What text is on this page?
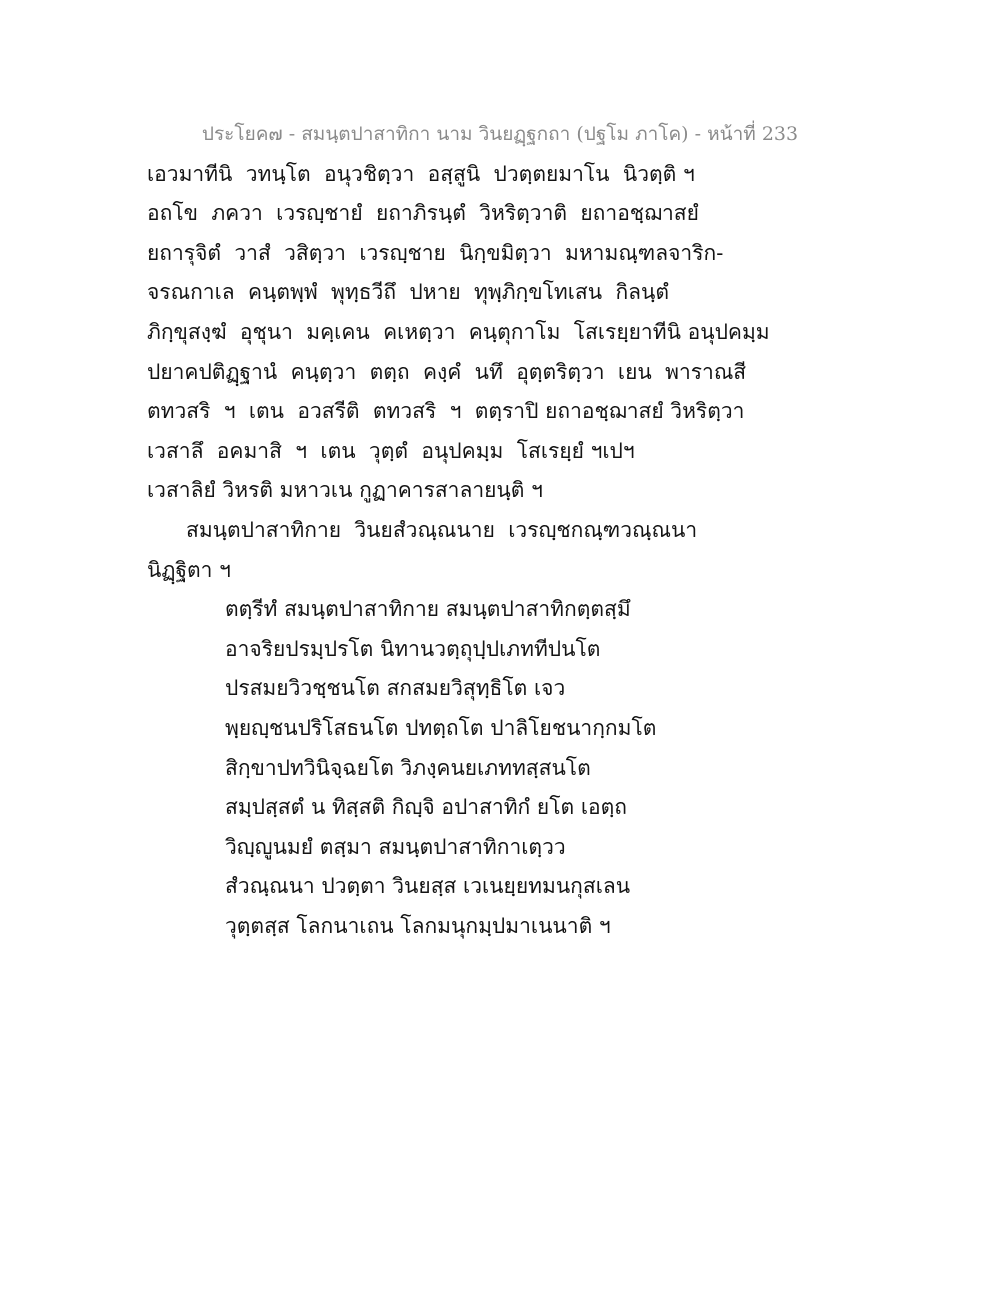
ประโยค๗ - สมนฺตปาสาทิกา นาม วินยฏฺฐกถา (ปฐโม ภาโค) - หน้าที่ 233
เอวมาทีนิ  วทนฺโต  อนุวชิตฺวา  อสฺสูนิ  ปวตฺตยมาโน  นิวตฺติ ฯ
อถโข  ภควา  เวรญฺชายํ  ยถาภิรนฺตํ  วิหริตฺวาติ  ยถาอชฺฌาสยํ
ยถารุจิตํ  วาสํ  วสิตฺวา  เวรญฺชาย  นิกฺขมิตฺวา  มหามณฺฑลจาริก-
จรณกาเล  คนฺตพฺพํ  พุทฺธวีถึ  ปหาย  ทุพฺภิกฺขโทเสน  กิลนฺตํ
ภิกฺขุสงฺฆํ  อุชุนา  มคฺเคน  คเหตฺวา  คนฺตุกาโม  โสเรยฺยาทีนิ อนุปคมฺม
ปยาคปติฏฺฐานํ  คนฺตฺวา  ตตฺถ  คงฺคํ  นทึ  อุตฺตริตฺวา  เยน  พาราณสี
ตทวสริ  ฯ  เตน  อวสรีติ  ตทวสริ  ฯ  ตตฺราปิ ยถาอชฺฌาสยํ วิหริตฺวา
เวสาลึ  อคมาสิ  ฯ  เตน  วุตฺตํ  อนุปคมฺม  โสเรยฺยํ ฯเปฯ
เวสาลิยํ วิหรติ มหาวเน กูฏาคารสาลายนฺติ ฯ
สมนฺตปาสาทิกาย  วินยสํวณฺณนาย  เวรญฺชกณฺฑวณฺณนา
นิฏฺฐิตา ฯ
ตตฺรีทํ สมนฺตปาสาทิกาย สมนฺตปาสาทิกตฺตสฺมึ
อาจริยปรมฺปรโต นิทานวตฺถุปฺปเภททีปนโต
ปรสมยวิวชฺชนโต สกสมยวิสุทฺธิโต เจว
พฺยญฺชนปริโสธนโต ปทตฺถโต ปาลิโยชนากฺกมโต
สิกฺขาปทวินิจฺฉยโต วิภงฺคนยเภททสฺสนโต
สมฺปสฺสตํ น ทิสฺสติ กิญฺจิ อปาสาทิกํ ยโต เอตฺถ
วิญฺญูนมยํ ตสฺมา สมนฺตปาสาทิกาเตฺวว
สํวณฺณนา ปวตฺตา วินยสฺส เวเนยฺยทมนกุสเลน
วุตฺตสฺส โลกนาเถน โลกมนุกมฺปมาเนนาติ ฯ
